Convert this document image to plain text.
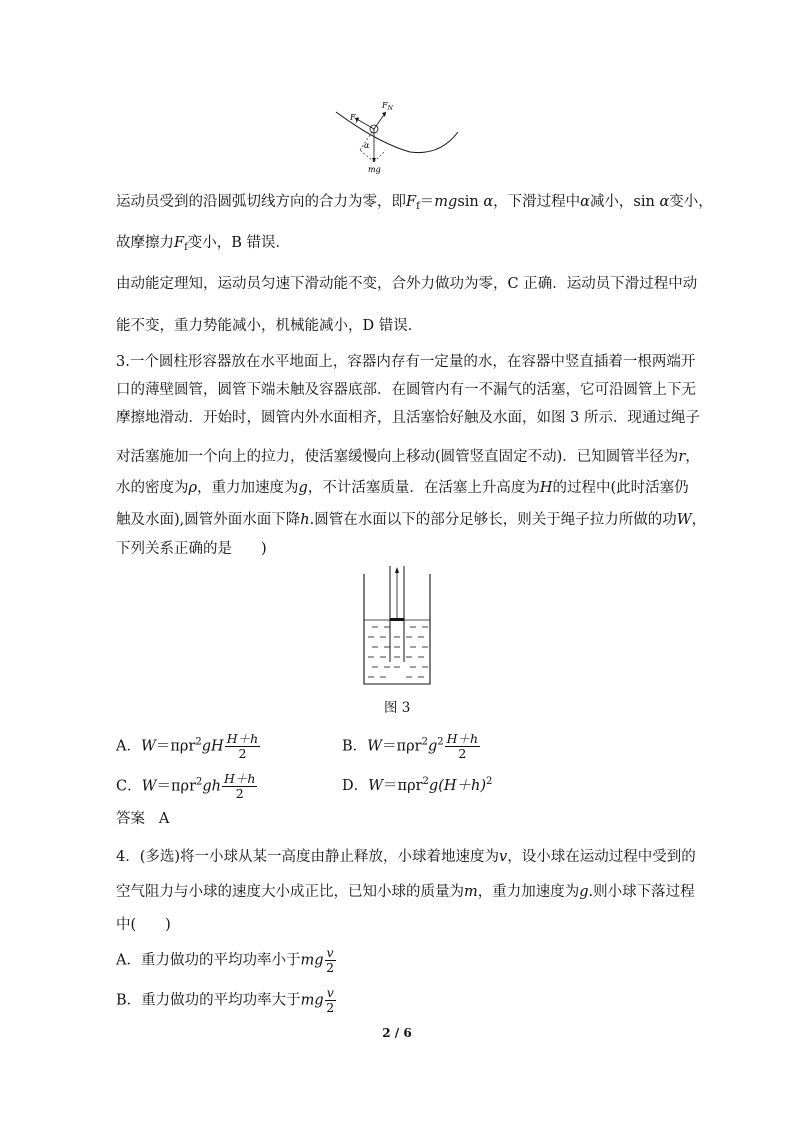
$F_f$
$F_N$
α
mg
运动员受到的沿圆弧切线方向的合力为零，即$F_f=mgsin$ α，下滑过程中α减小，sin α变小，
故摩擦力$F_f$变小，B 错误．
由动能定理知，运动员匀速下滑动能不变，合外力做功为零，C 正确．运动员下滑过程中动
能不变，重力势能减小，机械能减小，D 错误．
3.一个圆柱形容器放在水平地面上，容器内存有一定量的水，在容器中竖直插着一根两端开
口的薄壁圆管，圆管下端未触及容器底部．在圆管内有一不漏气的活塞，它可沿圆管上下无
摩擦地滑动．开始时，圆管内外水面相齐，且活塞恰好触及水面，如图 3 所示．现通过绳子
对活塞施加一个向上的拉力，使活塞缓慢向上移动(圆管竖直固定不动)．已知圆管半径为r，
水的密度为ρ，重力加速度为g，不计活塞质量．在活塞上升高度为H的过程中(此时活塞仍
触及水面),圆管外面水面下降h.圆管在水面以下的部分足够长，则关于绳子拉力所做的功W，
下列关系正确的是　　)
图 3
A．$W=\pi\rho r^2gH \frac{H+h}{2}$	B．$W=\pi\rho r^2g^2 \frac{H+h}{2}$
C．$W=\pi\rho r^2gh \frac{H+h}{2}$	D．$W=\pi\rho r^2g(H+h)^2$
答案 A
4．(多选)将一小球从某一高度由静止释放，小球着地速度为v，设小球在运动过程中受到的
空气阻力与小球的速度大小成正比，已知小球的质量为m，重力加速度为g.则小球下落过程
中(　　)
A．重力做功的平均功率小于mg $\frac{v}{2}$
B．重力做功的平均功率大于mg $\frac{v}{2}$
2 / 6
